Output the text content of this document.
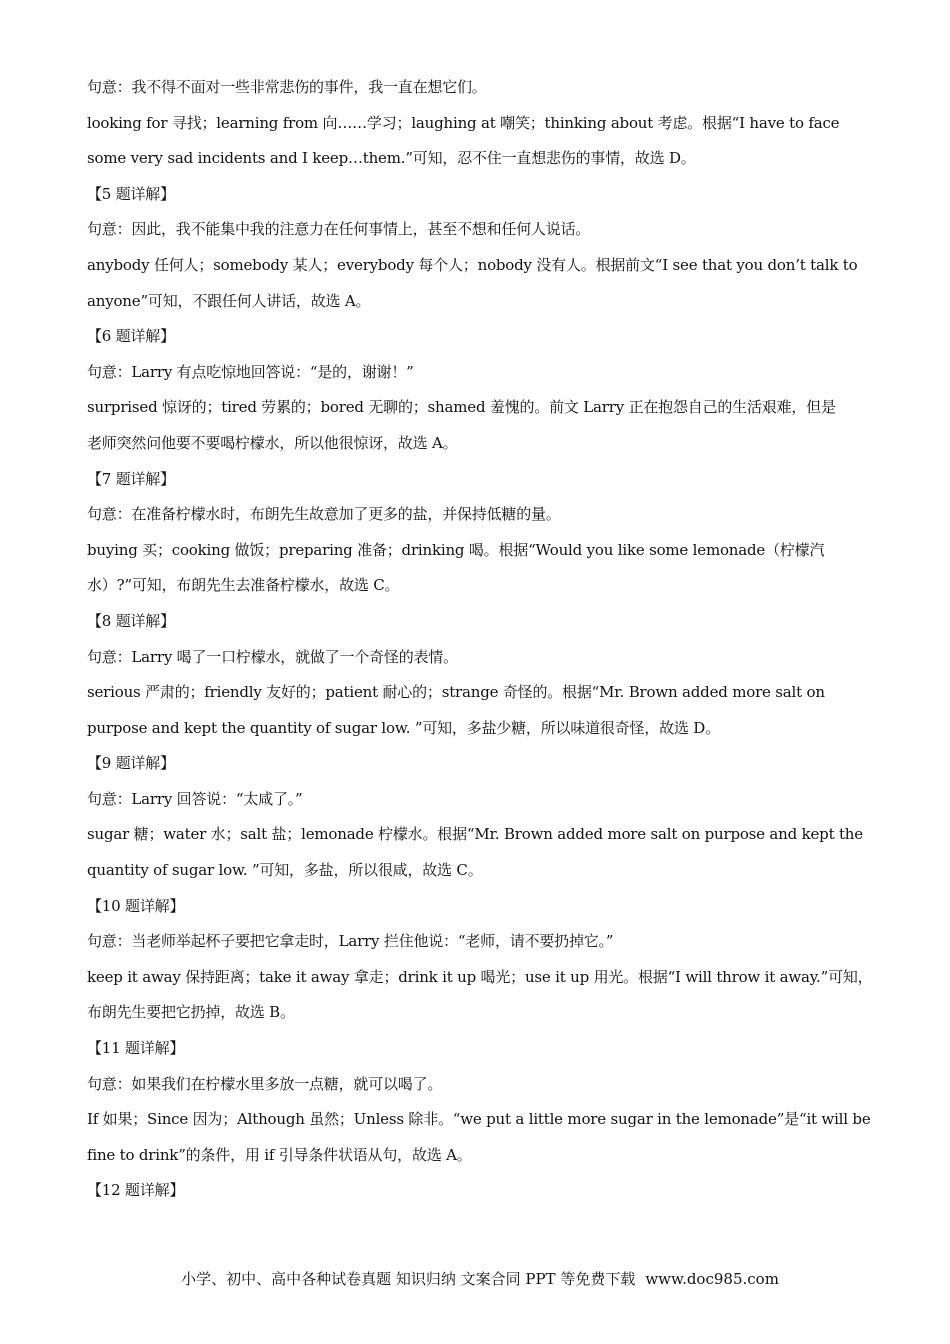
句意：我不得不面对一些非常悲伤的事件，我一直在想它们。
looking for 寻找；learning from 向……学习；laughing at 嘲笑；thinking about 考虑。根据“I have to face
some very sad incidents and I keep…them.”可知，忍不住一直想悲伤的事情，故选 D。
【5 题详解】
句意：因此，我不能集中我的注意力在任何事情上，甚至不想和任何人说话。
anybody 任何人；somebody 某人；everybody 每个人；nobody 没有人。根据前文“I see that you don’t talk to
anyone”可知，不跟任何人讲话，故选 A。
【6 题详解】
句意：Larry 有点吃惊地回答说：“是的，谢谢！”
surprised 惊讶的；tired 劳累的；bored 无聊的；shamed 羞愧的。前文 Larry 正在抱怨自己的生活艰难，但是
老师突然问他要不要喝柠檬水，所以他很惊讶，故选 A。
【7 题详解】
句意：在准备柠檬水时，布朗先生故意加了更多的盐，并保持低糖的量。
buying 买；cooking 做饭；preparing 准备；drinking 喝。根据“Would you like some lemonade（柠檬汽
水）?”可知，布朗先生去准备柠檬水，故选 C。
【8 题详解】
句意：Larry 喝了一口柠檬水，就做了一个奇怪的表情。
serious 严肃的；friendly 友好的；patient 耐心的；strange 奇怪的。根据“Mr. Brown added more salt on
purpose and kept the quantity of sugar low. ”可知，多盐少糖，所以味道很奇怪，故选 D。
【9 题详解】
句意：Larry 回答说：“太咸了。”
sugar 糖；water 水；salt 盐；lemonade 柠檬水。根据“Mr. Brown added more salt on purpose and kept the
quantity of sugar low. ”可知，多盐，所以很咸，故选 C。
【10 题详解】
句意：当老师举起杯子要把它拿走时，Larry 拦住他说：“老师，请不要扔掉它。”
keep it away 保持距离；take it away 拿走；drink it up 喝光；use it up 用光。根据“I will throw it away.”可知，
布朗先生要把它扔掉，故选 B。
【11 题详解】
句意：如果我们在柠檬水里多放一点糖，就可以喝了。
If 如果；Since 因为；Although 虽然；Unless 除非。“we put a little more sugar in the lemonade”是“it will be
fine to drink”的条件，用 if 引导条件状语从句，故选 A。
【12 题详解】
小学、初中、高中各种试卷真题 知识归纳 文案合同 PPT 等免费下载 www.doc985.com
